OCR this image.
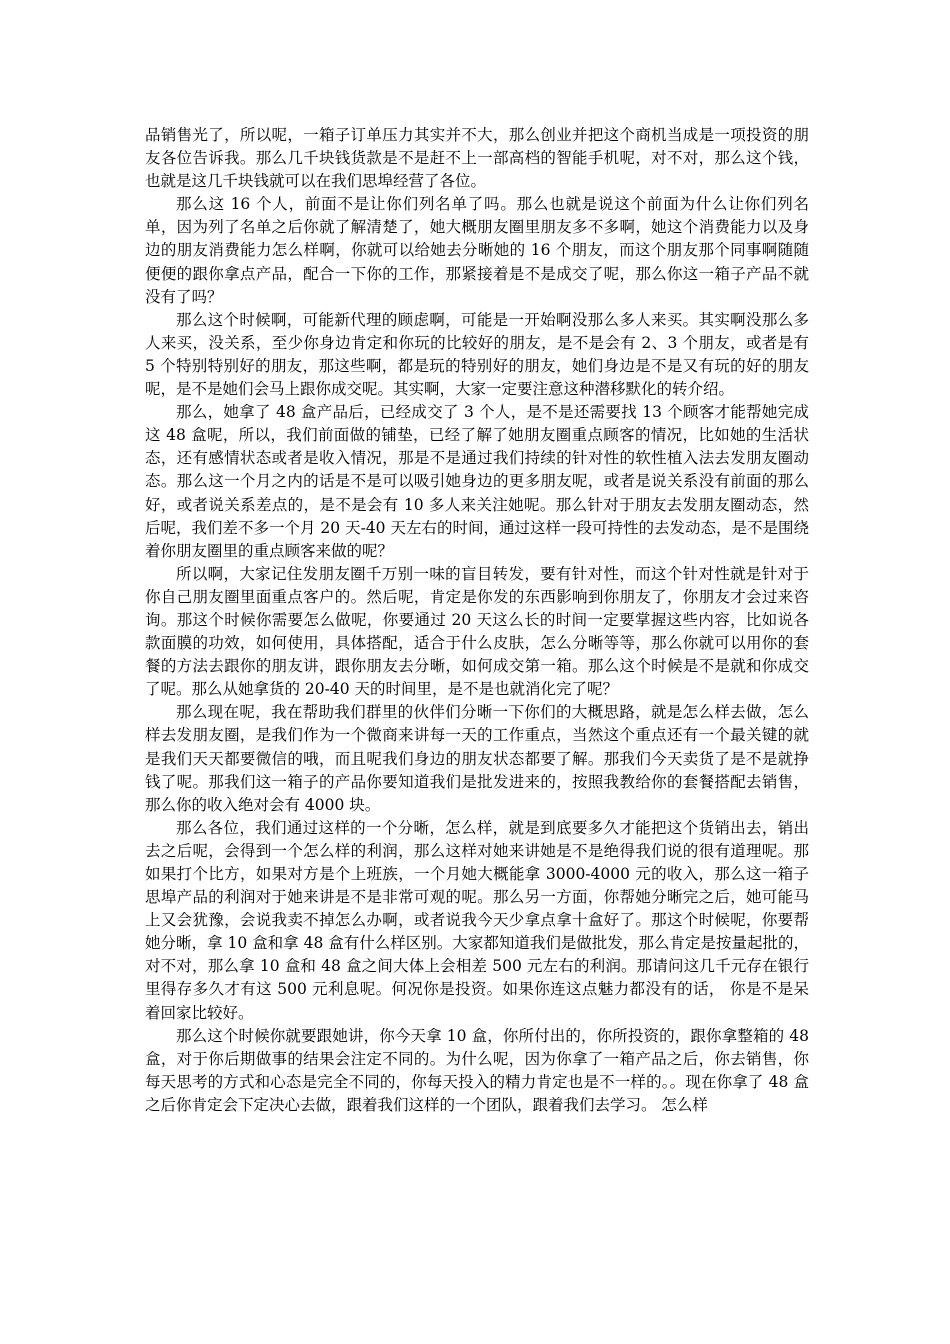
品销售光了，所以呢，一箱子订单压力其实并不大，那么创业并把这个商机当成是一项投资的朋友各位告诉我。那么几千块钱货款是不是赶不上一部高档的智能手机呢，对不对，那么这个钱，也就是这几千块钱就可以在我们思埠经营了各位。

那么这 16 个人，前面不是让你们列名单了吗。那么也就是说这个前面为什么让你们列名单，因为列了名单之后你就了解清楚了，她大概朋友圈里朋友多不多啊，她这个消费能力以及身边的朋友消费能力怎么样啊，你就可以给她去分晰她的 16 个朋友，而这个朋友那个同事啊随随便便的跟你拿点产品，配合一下你的工作，那紧接着是不是成交了呢，那么你这一箱子产品不就没有了吗？

那么这个时候啊，可能新代理的顾虑啊，可能是一开始啊没那么多人来买。其实啊没那么多人来买，没关系，至少你身边肯定和你玩的比较好的朋友，是不是会有 2、3 个朋友，或者是有 5 个特别特别好的朋友，那这些啊，都是玩的特别好的朋友，她们身边是不是又有玩的好的朋友呢，是不是她们会马上跟你成交呢。其实啊，大家一定要注意这种潜移默化的转介绍。

那么，她拿了 48 盒产品后，已经成交了 3 个人，是不是还需要找 13 个顾客才能帮她完成这 48 盒呢，所以，我们前面做的铺垫，已经了解了她朋友圈重点顾客的情况，比如她的生活状态，还有感情状态或者是收入情况，那是不是通过我们持续的针对性的软性植入法去发朋友圈动态。那么这一个月之内的话是不是可以吸引她身边的更多朋友呢，或者是说关系没有前面的那么好，或者说关系差点的，是不是会有 10 多人来关注她呢。那么针对于朋友去发朋友圈动态，然后呢，我们差不多一个月 20 天-40 天左右的时间，通过这样一段可持性的去发动态，是不是围绕着你朋友圈里的重点顾客来做的呢？

所以啊，大家记住发朋友圈千万别一味的盲目转发，要有针对性，而这个针对性就是针对于你自己朋友圈里面重点客户的。然后呢，肯定是你发的东西影响到你朋友了，你朋友才会过来咨询。那这个时候你需要怎么做呢，你要通过 20 天这么长的时间一定要掌握这些内容，比如说各款面膜的功效，如何使用，具体搭配，适合于什么皮肤，怎么分晰等等，那么你就可以用你的套餐的方法去跟你的朋友讲，跟你朋友去分晰，如何成交第一箱。那么这个时候是不是就和你成交了呢。那么从她拿货的 20-40 天的时间里，是不是也就消化完了呢？

那么现在呢，我在帮助我们群里的伙伴们分晰一下你们的大概思路，就是怎么样去做，怎么样去发朋友圈，是我们作为一个微商来讲每一天的工作重点，当然这个重点还有一个最关键的就是我们天天都要微信的哦，而且呢我们身边的朋友状态都要了解。那我们今天卖货了是不是就挣钱了呢。那我们这一箱子的产品你要知道我们是批发进来的，按照我教给你的套餐搭配去销售， 那么你的收入绝对会有 4000 块。

那么各位，我们通过这样的一个分晰，怎么样，就是到底要多久才能把这个货销出去，销出去之后呢，会得到一个怎么样的利润，那么这样对她来讲她是不是绝得我们说的很有道理呢。那如果打个比方，如果对方是个上班族，一个月她大概能拿 3000-4000 元的收入，那么这一箱子思埠产品的利润对于她来讲是不是非常可观的呢。那么另一方面，你帮她分晰完之后，她可能马上又会犹豫，会说我卖不掉怎么办啊，或者说我今天少拿点拿十盒好了。那这个时候呢，你要帮她分晰，拿 10 盒和拿 48 盒有什么样区别。大家都知道我们是做批发，那么肯定是按量起批的，对不对，那么拿 10 盒和 48 盒之间大体上会相差 500 元左右的利润。那请问这几千元存在银行里得存多久才有这 500 元利息呢。何况你是投资。如果你连这点魅力都没有的话， 你是不是呆着回家比较好。

那么这个时候你就要跟她讲，你今天拿 10 盒，你所付出的，你所投资的，跟你拿整箱的 48 盒，对于你后期做事的结果会注定不同的。为什么呢，因为你拿了一箱产品之后，你去销售，你每天思考的方式和心态是完全不同的，你每天投入的精力肯定也是不一样的。。现在你拿了 48 盒之后你肯定会下定决心去做，跟着我们这样的一个团队，跟着我们去学习。 怎么样
